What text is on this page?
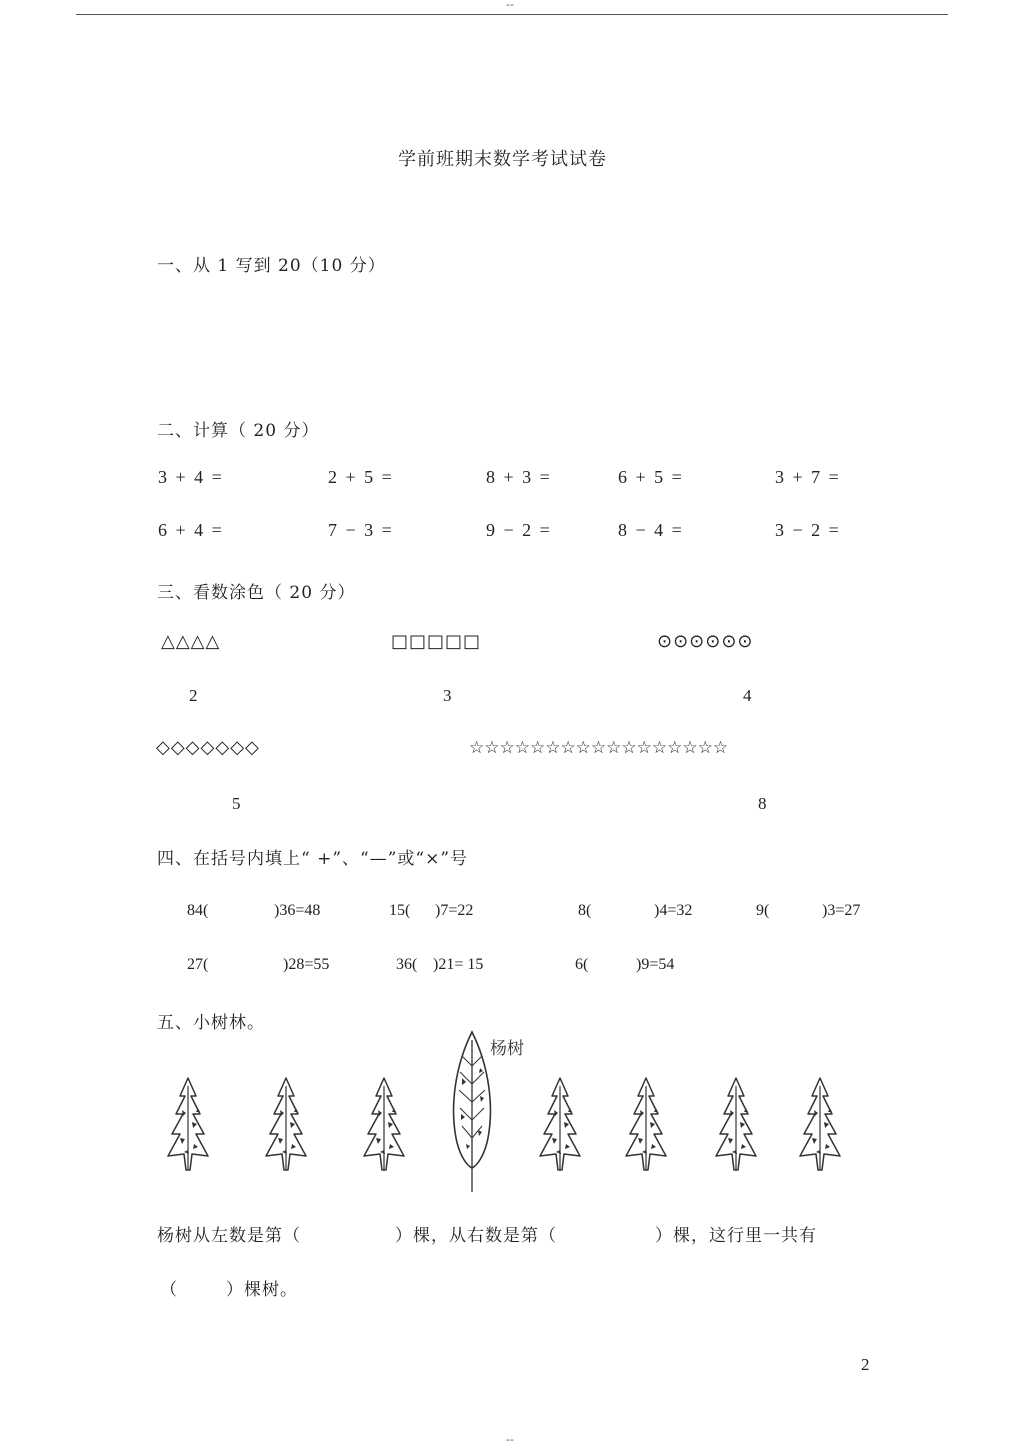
--
学前班期末数学考试试卷
一、从 1 写到 20（10 分）
二、计算（ 20 分）
3 + 4 =	2 + 5 =	8 + 3 =	6 + 5 =	3 + 7 =
6 + 4 =	7 − 3 =	9 − 2 =	8 − 4 =	3 − 2 =
三、看数涂色（ 20 分）
△△△△	□□□□□	⊙⊙⊙⊙⊙⊙
2	3	4
◇◇◇◇◇◇◇	☆☆☆☆☆☆☆☆☆☆☆☆☆☆☆☆☆
5	8
四、在括号内填上“ +”、“—”或“×”号
84(	)36=48	15( )7=22	8(	)4=32	9(	)3=27
27(	)28=55	36( )21= 15	6(	)9=54
五、小树林。
杨树
杨树从左数是第（	）棵，从右数是第（	）棵，这行里一共有
（	）棵树。
2
--
